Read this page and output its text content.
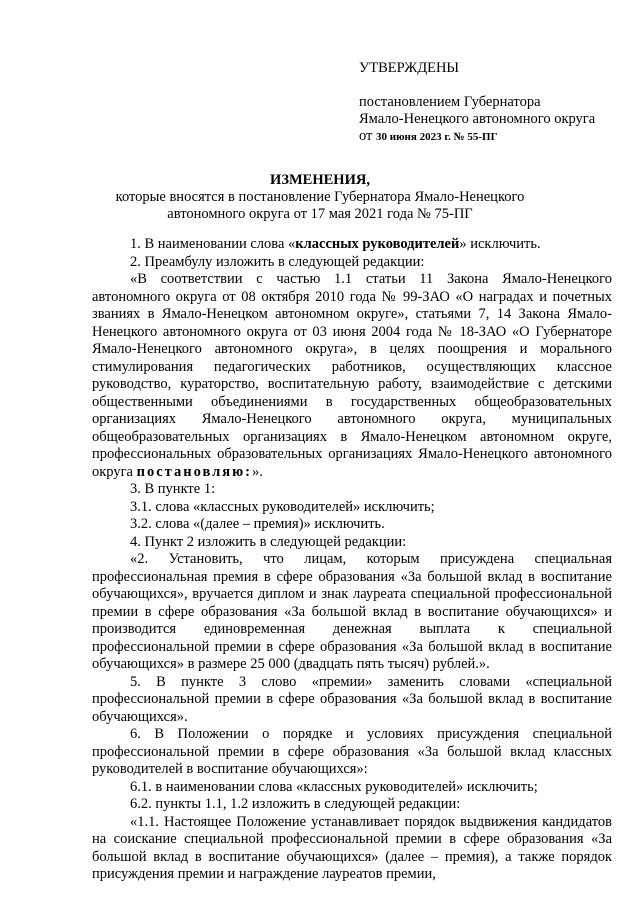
УТВЕРЖДЕНЫ
постановлением Губернатора
Ямало-Ненецкого автономного округа
от 30 июня 2023 г. № 55-ПГ
ИЗМЕНЕНИЯ,
которые вносятся в постановление Губернатора Ямало-Ненецкого автономного округа от 17 мая 2021 года № 75-ПГ

1. В наименовании слова «классных руководителей» исключить.

2. Преамбулу изложить в следующей редакции:

«В соответствии с частью 1.1 статьи 11 Закона Ямало-Ненецкого автономного округа от 08 октября 2010 года № 99-ЗАО «О наградах и почетных званиях в Ямало-Ненецком автономном округе», статьями 7, 14 Закона Ямало-Ненецкого автономного округа от 03 июня 2004 года № 18-ЗАО «О Губернаторе Ямало-Ненецкого автономного округа», в целях поощрения и морального стимулирования педагогических работников, осуществляющих классное руководство, кураторство, воспитательную работу, взаимодействие с детскими общественными объединениями в государственных общеобразовательных организациях Ямало-Ненецкого автономного округа, муниципальных общеобразовательных организациях в Ямало-Ненецком автономном округе, профессиональных образовательных организациях Ямало-Ненецкого автономного округа постановляю:».

3. В пункте 1:

3.1. слова «классных руководителей» исключить;

3.2. слова «(далее – премия)» исключить.

4. Пункт 2 изложить в следующей редакции:

«2. Установить, что лицам, которым присуждена специальная профессиональная премия в сфере образования «За большой вклад в воспитание обучающихся», вручается диплом и знак лауреата специальной профессиональной премии в сфере образования «За большой вклад в воспитание обучающихся» и производится единовременная денежная выплата к специальной профессиональной премии в сфере образования «За большой вклад в воспитание обучающихся» в размере 25 000 (двадцать пять тысяч) рублей.».

5. В пункте 3 слово «премии» заменить словами «специальной профессиональной премии в сфере образования «За большой вклад в воспитание обучающихся».

6. В Положении о порядке и условиях присуждения специальной профессиональной премии в сфере образования «За большой вклад классных руководителей в воспитание обучающихся»:

6.1. в наименовании слова «классных руководителей» исключить;

6.2. пункты 1.1, 1.2 изложить в следующей редакции:

«1.1. Настоящее Положение устанавливает порядок выдвижения кандидатов на соискание специальной профессиональной премии в сфере образования «За большой вклад в воспитание обучающихся» (далее – премия), а также порядок присуждения премии и награждение лауреатов премии,
